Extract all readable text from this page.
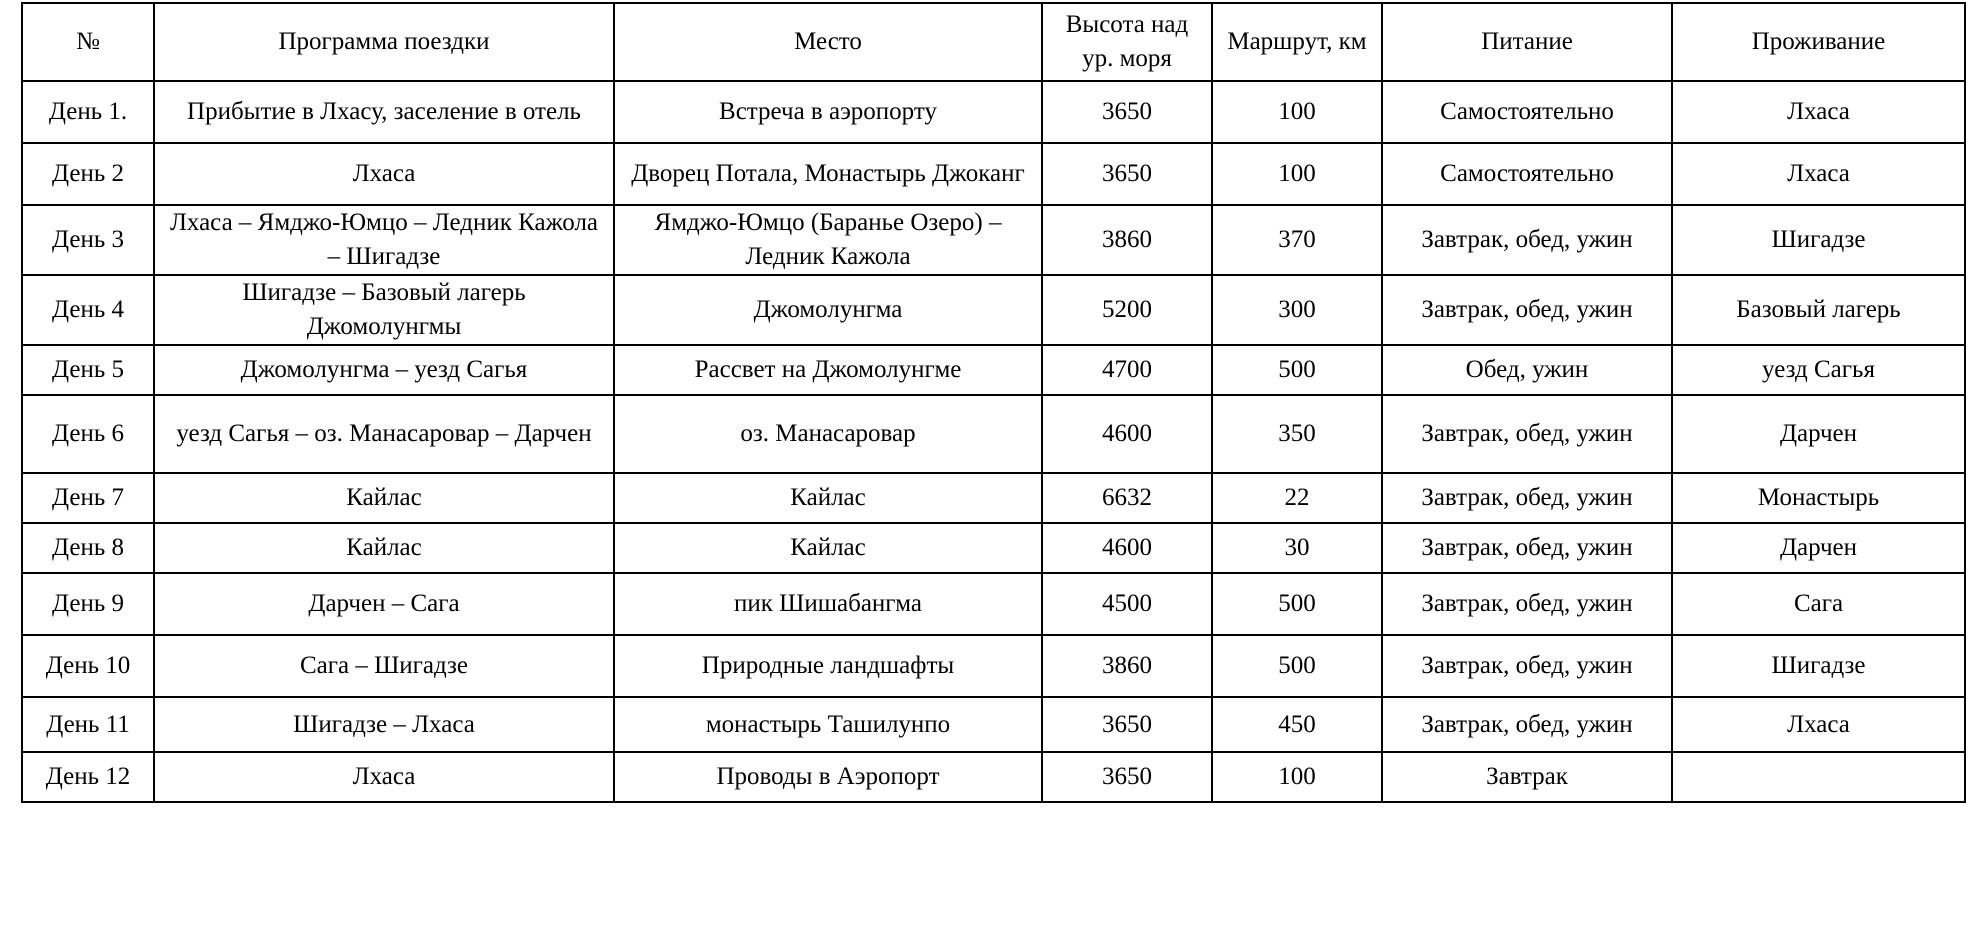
№	Программа поездки	Место	Высота над ур. моря	Маршрут, км	Питание	Проживание
День 1.	Прибытие в Лхасу, заселение в отель	Встреча в аэропорту	3650	100	Самостоятельно	Лхаса
День 2	Лхаса	Дворец Потала, Монастырь Джоканг	3650	100	Самостоятельно	Лхаса
День 3	Лхаса – Ямджо-Юмцо – Ледник Кажола – Шигадзе	Ямджо-Юмцо (Баранье Озеро) – Ледник Кажола	3860	370	Завтрак, обед, ужин	Шигадзе
День 4	Шигадзе – Базовый лагерь Джомолунгмы	Джомолунгма	5200	300	Завтрак, обед, ужин	Базовый лагерь
День 5	Джомолунгма – уезд Сагья	Рассвет на Джомолунгме	4700	500	Обед, ужин	уезд Сагья
День 6	уезд Сагья – оз. Манасаровар – Дарчен	оз. Манасаровар	4600	350	Завтрак, обед, ужин	Дарчен
День 7	Кайлас	Кайлас	6632	22	Завтрак, обед, ужин	Монастырь
День 8	Кайлас	Кайлас	4600	30	Завтрак, обед, ужин	Дарчен
День 9	Дарчен – Сага	пик Шишабангма	4500	500	Завтрак, обед, ужин	Сага
День 10	Сага – Шигадзе	Природные ландшафты	3860	500	Завтрак, обед, ужин	Шигадзе
День 11	Шигадзе – Лхаса	монастырь Ташилунпо	3650	450	Завтрак, обед, ужин	Лхаса
День 12	Лхаса	Проводы в Аэропорт	3650	100	Завтрак	
